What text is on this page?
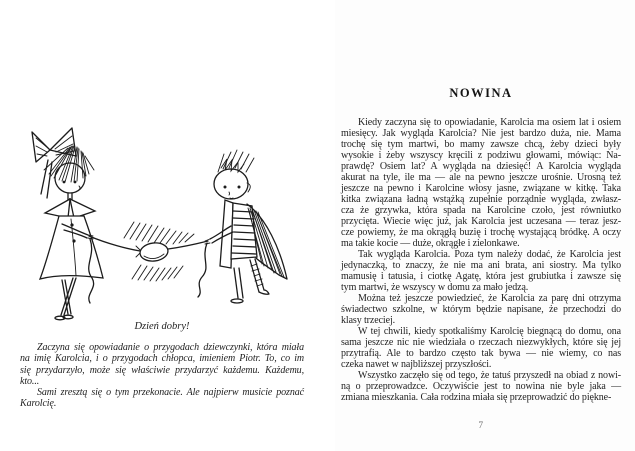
Dzień dobry!
Zaczyna się opowiadanie o przygodach dziewczynki, która miała
na imię Karolcia, i o przygodach chłopca, imieniem Piotr. To, co im
się przydarzyło, może się właściwie przydarzyć każdemu. Każdemu,
kto...
Sami zresztą się o tym przekonacie. Ale najpierw musicie poznać
Karolcię.
NOWINA
Kiedy zaczyna się to opowiadanie, Karolcia ma osiem lat i osiem
miesięcy. Jak wygląda Karolcia? Nie jest bardzo duża, nie. Mama
trochę się tym martwi, bo mamy zawsze chcą, żeby dzieci były
wysokie i żeby wszyscy kręcili z podziwu głowami, mówiąc: Na-
prawdę? Osiem lat? A wygląda na dziesięć! A Karolcia wygląda
akurat na tyle, ile ma — ale na pewno jeszcze urośnie. Urosną też
jeszcze na pewno i Karolcine włosy jasne, związane w kitkę. Taka
kitka związana ładną wstążką zupełnie porządnie wygląda, zwłasz-
cza że grzywka, która spada na Karolcine czoło, jest równiutko
przycięta. Wiecie więc już, jak Karolcia jest uczesana — teraz jesz-
cze powiemy, że ma okrągłą buzię i trochę wystającą bródkę. A oczy
ma takie kocie — duże, okrągłe i zielonkawe.
Tak wygląda Karolcia. Poza tym należy dodać, że Karolcia jest
jedynaczką, to znaczy, że nie ma ani brata, ani siostry. Ma tylko
mamusię i tatusia, i ciotkę Agatę, która jest grubiutka i zawsze się
tym martwi, że wszyscy w domu za mało jedzą.
Można też jeszcze powiedzieć, że Karolcia za parę dni otrzyma
świadectwo szkolne, w którym będzie napisane, że przechodzi do
klasy trzeciej.
W tej chwili, kiedy spotkaliśmy Karolcię biegnącą do domu, ona
sama jeszcze nic nie wiedziała o rzeczach niezwykłych, które się jej
przytrafią. Ale to bardzo często tak bywa — nie wiemy, co nas
czeka nawet w najbliższej przyszłości.
Wszystko zaczęło się od tego, że tatuś przyszedł na obiad z nowi-
ną o przeprowadzce. Oczywiście jest to nowina nie byle jaka —
zmiana mieszkania. Cała rodzina miała się przeprowadzić do piękne-
7
